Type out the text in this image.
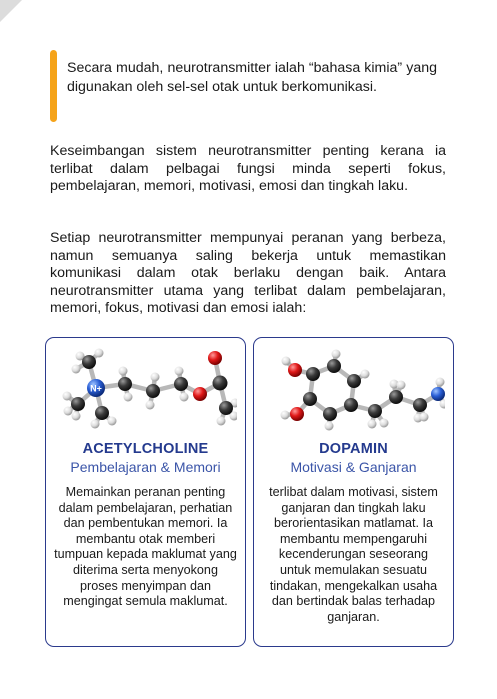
Secara mudah, neurotransmitter ialah “bahasa kimia” yang digunakan oleh sel-sel otak untuk berkomunikasi.

Keseimbangan sistem neurotransmitter penting kerana ia terlibat dalam pelbagai fungsi minda seperti fokus, pembelajaran, memori, motivasi, emosi dan tingkah laku.

Setiap neurotransmitter mempunyai peranan yang berbeza, namun semuanya saling bekerja untuk memastikan komunikasi dalam otak berlaku dengan baik. Antara neurotransmitter utama yang terlibat dalam pembelajaran, memori, fokus, motivasi dan emosi ialah:

N+
ACETYLCHOLINE
Pembelajaran & Memori
Memainkan peranan penting dalam pembelajaran, perhatian dan pembentukan memori. Ia membantu otak memberi tumpuan kepada maklumat yang diterima serta menyokong proses menyimpan dan mengingat semula maklumat.
DOPAMIN
Motivasi & Ganjaran
terlibat dalam motivasi, sistem ganjaran dan tingkah laku berorientasikan matlamat. Ia membantu mempengaruhi kecenderungan seseorang untuk memulakan sesuatu tindakan, mengekalkan usaha dan bertindak balas terhadap ganjaran.
